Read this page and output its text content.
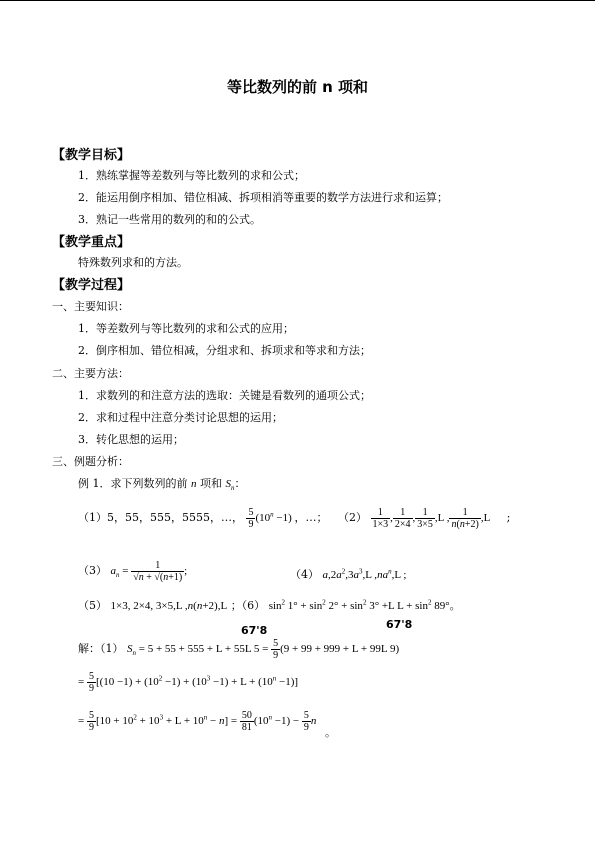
等比数列的前 n 项和
【教学目标】
1．熟练掌握等差数列与等比数列的求和公式；
2．能运用倒序相加、错位相减、拆项相消等重要的数学方法进行求和运算；
3．熟记一些常用的数列的和的公式。
【教学重点】
特殊数列求和的方法。
【教学过程】
一、主要知识：
1．等差数列与等比数列的求和公式的应用；
2．倒序相加、错位相减，分组求和、拆项求和等求和方法；
二、主要方法：
1．求数列的和注意方法的选取：关键是看数列的通项公式；
2．求和过程中注意分类讨论思想的运用；
3．转化思想的运用；
三、例题分析：
例 1．求下列数列的前 n 项和 $S_n$：
（1）5，55，555，5555，…， $\frac{5}{9} (10^n -1)$ ，…； $(2) \frac{1}{1\times 3}$ , $\frac{1}{2\times 4}$ , $\frac{1}{3\times 5} ,L$ , $\frac{1}{n(n+2)} ,L$ ;
（3） $a_n = \frac{1}{√n + √(n+1)}$ ;	（4） $a,2a^2,3a^3,L$ $,na^n,L$ ;
（5） 1×3, 2×4, 3×5,L ,n(n+2),L ；（6） $\sin^2 1^\circ + \sin^2 2^\circ + \sin^2 3^\circ +L$ $L + \sin^2 89^\circ$。
67'8	67'8
解：（1） $S_n = 5 + 55 + 555 + L + 55L$ $5 = \frac{5}{9} (9 + 99 + 999 + L + 99L$ 9)
= $\frac{5}{9} [(10 -1) + (10^2 -1) + (10^3 -1) + L + (10^n -1)]$
= $\frac{5}{9} [10 + 10^2 + 10^3 + L + 10^n - n] = \frac{50}{81} (10^n -1) - \frac{5}{9}$ n
。
